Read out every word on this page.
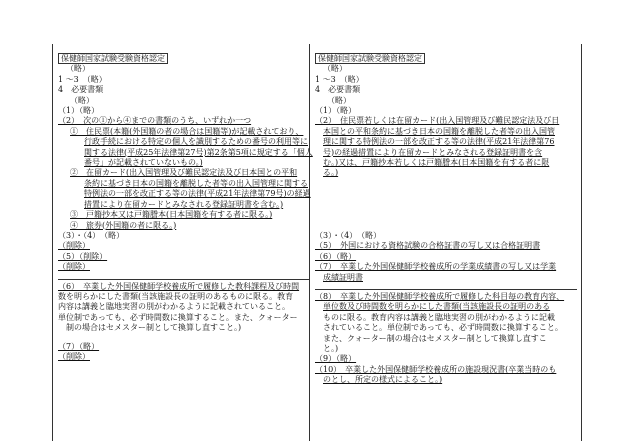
保健師国家試験受験資格認定

（略）

1 ～3　（略）

4　必要書類

（略）

（1）（略）

（2）　次の①から④までの書類のうち、いずれか一つ

①　住民票(本籍(外国籍の者の場合は国籍等)が記載されており、

行政手続における特定の個人を識別するための番号の利用等に

関する法律(平成25年法律第27号)第2条第5項に規定する「個人

番号」が記載されていないもの。)

②　在留カード(出入国管理及び難民認定法及び日本国との平和

条約に基づき日本の国籍を離脱した者等の出入国管理に関する

特例法の一部を改正する等の法律(平成21年法律第79号)の経過

措置により在留カードとみなされる登録証明書を含む。)

③　戸籍抄本又は戸籍謄本(日本国籍を有する者に限る。)

④　旅券(外国籍の者に限る。)

（3）・（4）　（略）

（削除）

（5）（削除）

（削除）

（6）　卒業した外国保健師学校養成所で履修した教科課程及び時間

数を明らかにした書類(当該施設長の証明のあるものに限る。教育

内容は講義と臨地実習の別がわかるように記載されていること。

単位制であっても、必ず時間数に換算すること。また、クォーター

制の場合はセメスター制として換算し直すこと。)

（7）（略）

（削除）

保健師国家試験受験資格認定

（略）

1 ～3　（略）

4　必要書類

（略）

（1）（略）

（2）　住民票若しくは在留カード(出入国管理及び難民認定法及び日

本国との平和条約に基づき日本の国籍を離脱した者等の出入国管

理に関する特例法の一部を改正する等の法律(平成21年法律第76

号)の経過措置により在留カードとみなされる登録証明書を含

む。)又は、戸籍抄本若しくは戸籍謄本(日本国籍を有する者に限

る。)

（3）・（4）　（略）

（5）　外国における資格試験の合格証書の写し又は合格証明書

（6）（略）

（7）　卒業した外国保健師学校養成所の学業成績書の写し又は学業

成績証明書

（8）　卒業した外国保健師学校養成所で履修した科目毎の教育内容、

単位数及び時間数を明らかにした書類(当該施設長の証明のある

ものに限る。教育内容は講義と臨地実習の別がわかるように記載

されていること。単位制であっても、必ず時間数に換算すること。

また、クォーター制の場合はセメスター制として換算し直すこ

と。)

（9）（略）

（10）　卒業した外国保健師学校養成所の施設現況書(卒業当時のも

のとし、所定の様式によること。)
